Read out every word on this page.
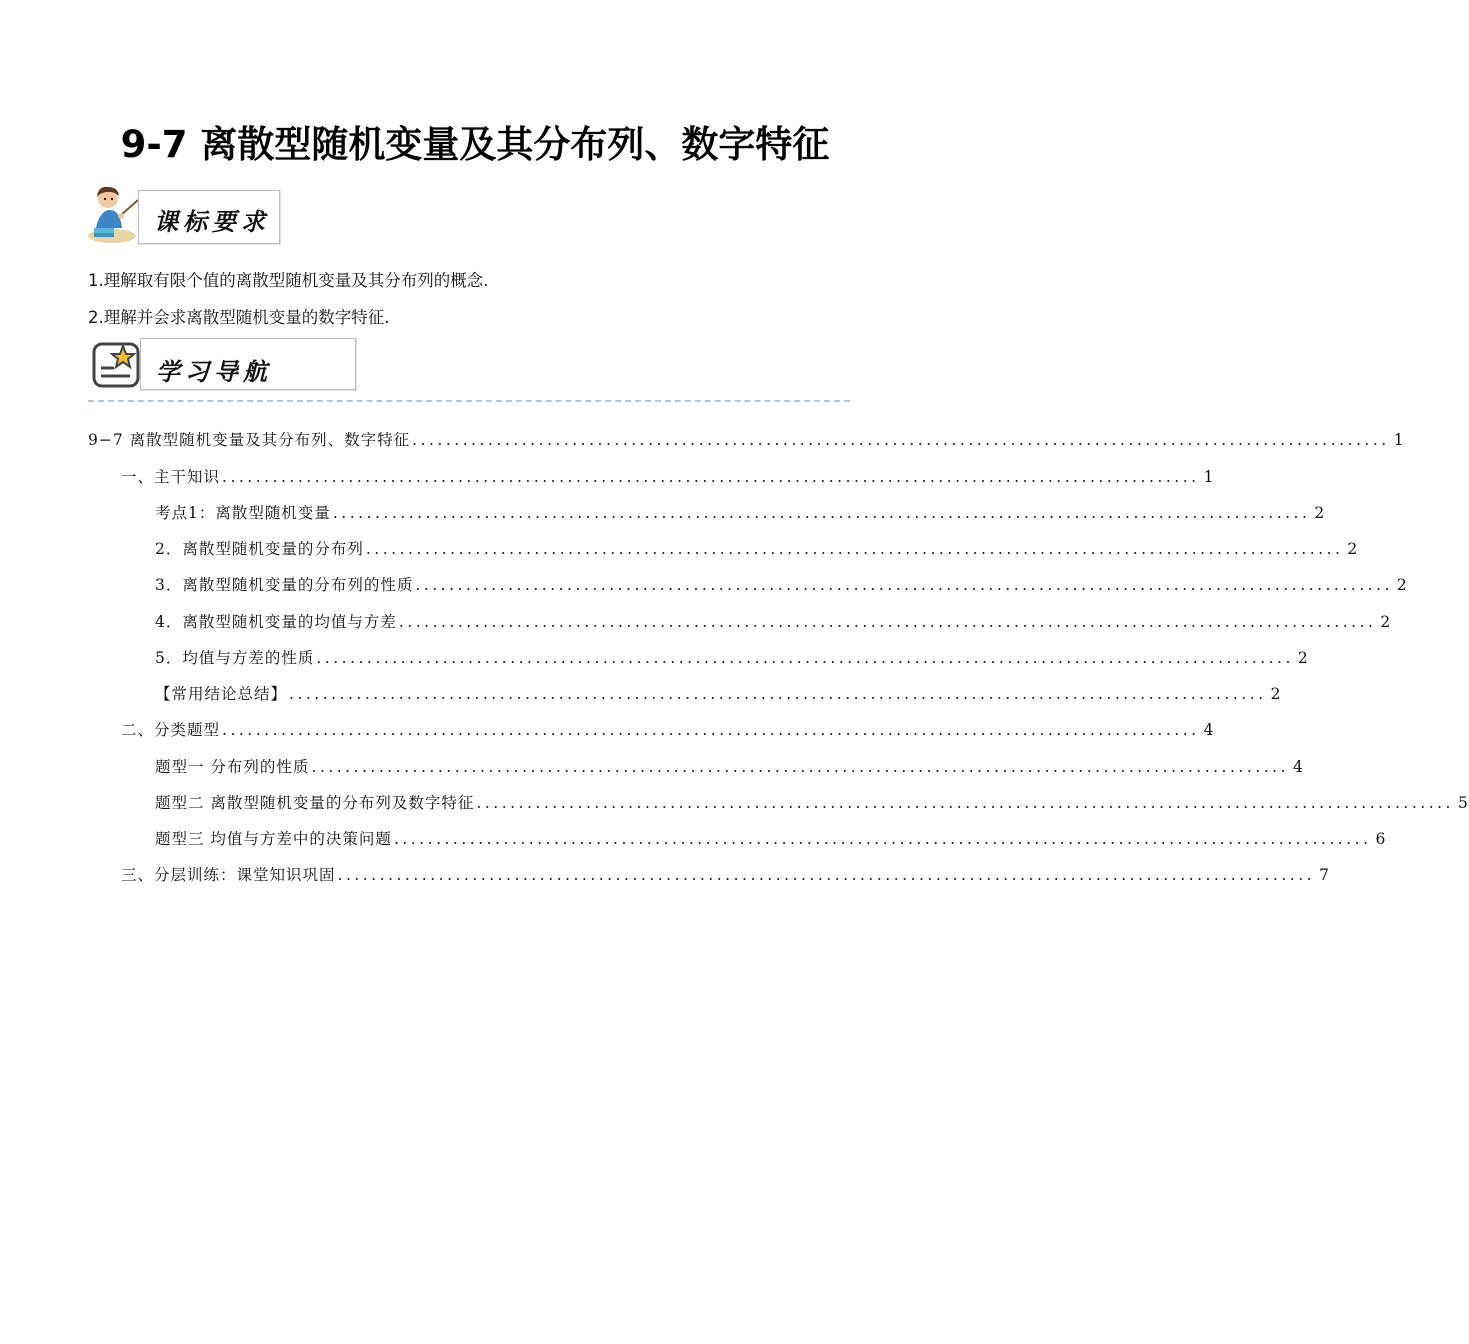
9-7 离散型随机变量及其分布列、数字特征
课标要求
1.理解取有限个值的离散型随机变量及其分布列的概念.
2.理解并会求离散型随机变量的数字特征.
学习导航
9−7 离散型随机变量及其分布列、数字特征 .................................................................................................................... 1
一、主干知识 .................................................................................................................... 1
考点1：离散型随机变量 .................................................................................................................... 2
2．离散型随机变量的分布列 .................................................................................................................... 2
3．离散型随机变量的分布列的性质 .................................................................................................................... 2
4．离散型随机变量的均值与方差 .................................................................................................................... 2
5．均值与方差的性质 .................................................................................................................... 2
【常用结论总结】 .................................................................................................................... 2
二、分类题型 .................................................................................................................... 4
题型一 分布列的性质 .................................................................................................................... 4
题型二 离散型随机变量的分布列及数字特征 .................................................................................................................... 5
题型三 均值与方差中的决策问题 .................................................................................................................... 6
三、分层训练：课堂知识巩固 .................................................................................................................... 7
